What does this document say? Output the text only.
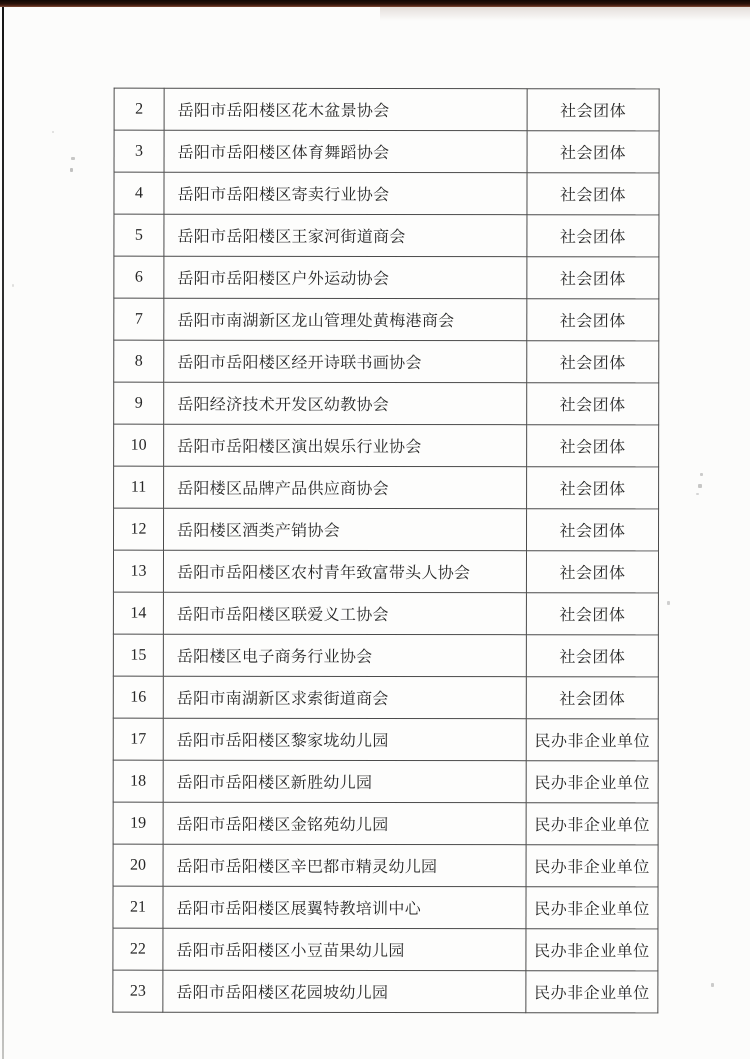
2	岳阳市岳阳楼区花木盆景协会	社会团体
3	岳阳市岳阳楼区体育舞蹈协会	社会团体
4	岳阳市岳阳楼区寄卖行业协会	社会团体
5	岳阳市岳阳楼区王家河街道商会	社会团体
6	岳阳市岳阳楼区户外运动协会	社会团体
7	岳阳市南湖新区龙山管理处黄梅港商会	社会团体
8	岳阳市岳阳楼区经开诗联书画协会	社会团体
9	岳阳经济技术开发区幼教协会	社会团体
10	岳阳市岳阳楼区演出娱乐行业协会	社会团体
11	岳阳楼区品牌产品供应商协会	社会团体
12	岳阳楼区酒类产销协会	社会团体
13	岳阳市岳阳楼区农村青年致富带头人协会	社会团体
14	岳阳市岳阳楼区联爱义工协会	社会团体
15	岳阳楼区电子商务行业协会	社会团体
16	岳阳市南湖新区求索街道商会	社会团体
17	岳阳市岳阳楼区黎家垅幼儿园	民办非企业单位
18	岳阳市岳阳楼区新胜幼儿园	民办非企业单位
19	岳阳市岳阳楼区金铭苑幼儿园	民办非企业单位
20	岳阳市岳阳楼区辛巴都市精灵幼儿园	民办非企业单位
21	岳阳市岳阳楼区展翼特教培训中心	民办非企业单位
22	岳阳市岳阳楼区小豆苗果幼儿园	民办非企业单位
23	岳阳市岳阳楼区花园坡幼儿园	民办非企业单位
